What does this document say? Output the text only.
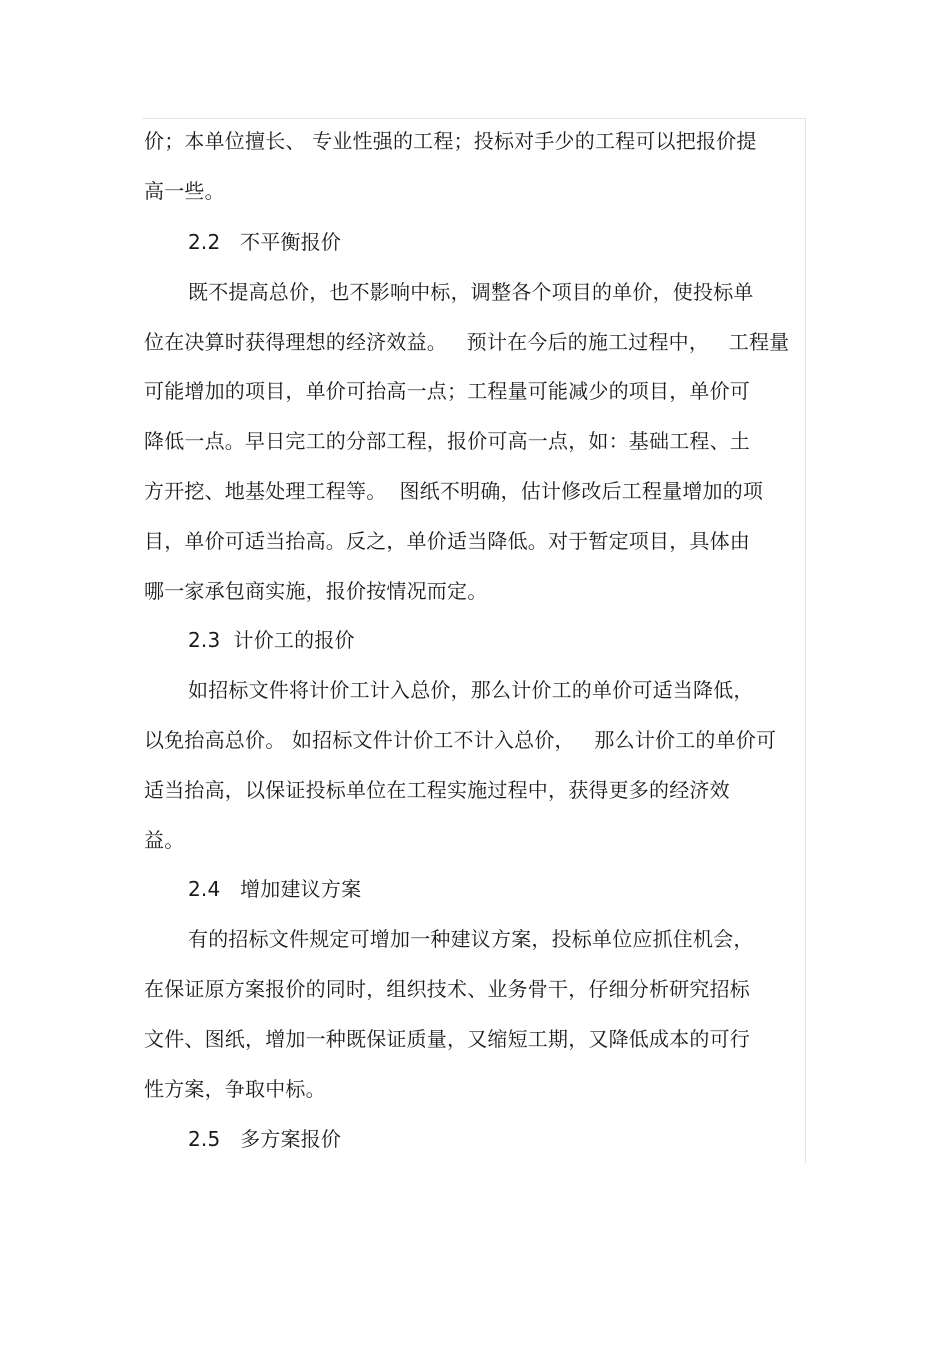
价；本单位擅长、 专业性强的工程；投标对手少的工程可以把报价提
高一些。
2.2   不平衡报价
既不提高总价，也不影响中标，调整各个项目的单价，使投标单
位在决算时获得理想的经济效益。   预计在今后的施工过程中，   工程量
可能增加的项目，单价可抬高一点；工程量可能减少的项目，单价可
降低一点。早日完工的分部工程，报价可高一点，如：基础工程、土
方开挖、地基处理工程等。  图纸不明确，估计修改后工程量增加的项
目，单价可适当抬高。反之，单价适当降低。对于暂定项目，具体由
哪一家承包商实施，报价按情况而定。
2.3  计价工的报价
如招标文件将计价工计入总价，那么计价工的单价可适当降低，
以免抬高总价。 如招标文件计价工不计入总价，   那么计价工的单价可
适当抬高，以保证投标单位在工程实施过程中，获得更多的经济效
益。
2.4   增加建议方案
有的招标文件规定可增加一种建议方案，投标单位应抓住机会，
在保证原方案报价的同时，组织技术、业务骨干，仔细分析研究招标
文件、图纸，增加一种既保证质量，又缩短工期，又降低成本的可行
性方案，争取中标。
2.5   多方案报价
